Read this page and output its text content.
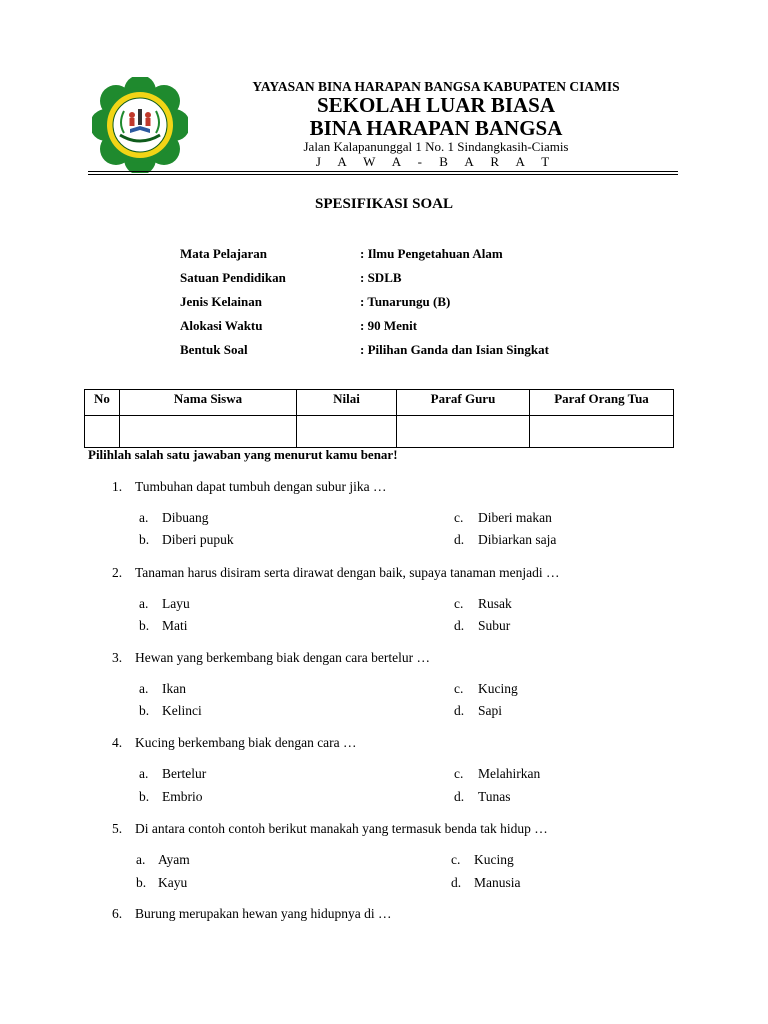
YAYASAN BINA HARAPAN BANGSA KABUPATEN CIAMIS
SEKOLAH LUAR BIASA
BINA HARAPAN BANGSA
Jalan Kalapanunggal 1 No. 1 Sindangkasih-Ciamis
J A W A - B A R A T
SPESIFIKASI SOAL
Mata Pelajaran	: Ilmu Pengetahuan Alam
Satuan Pendidikan	: SDLB
Jenis Kelainan	: Tunarungu (B)
Alokasi Waktu	: 90 Menit
Bentuk Soal	: Pilihan Ganda dan Isian Singkat
No	Nama Siswa	Nilai	Paraf Guru	Paraf Orang Tua

Pilihlah salah satu jawaban yang menurut kamu benar!
1. Tumbuhan dapat tumbuh dengan subur jika …
a. Dibuang	c. Diberi makan
b. Diberi pupuk	d. Dibiarkan saja
2. Tanaman harus disiram serta dirawat dengan baik, supaya tanaman menjadi …
a. Layu	c. Rusak
b. Mati	d. Subur
3. Hewan yang berkembang biak dengan cara bertelur …
a. Ikan	c. Kucing
b. Kelinci	d. Sapi
4. Kucing berkembang biak dengan cara …
a. Bertelur	c. Melahirkan
b. Embrio	d. Tunas
5. Di antara contoh contoh berikut manakah yang termasuk benda tak hidup …
a. Ayam	c. Kucing
b. Kayu	d. Manusia
6. Burung merupakan hewan yang hidupnya di …
